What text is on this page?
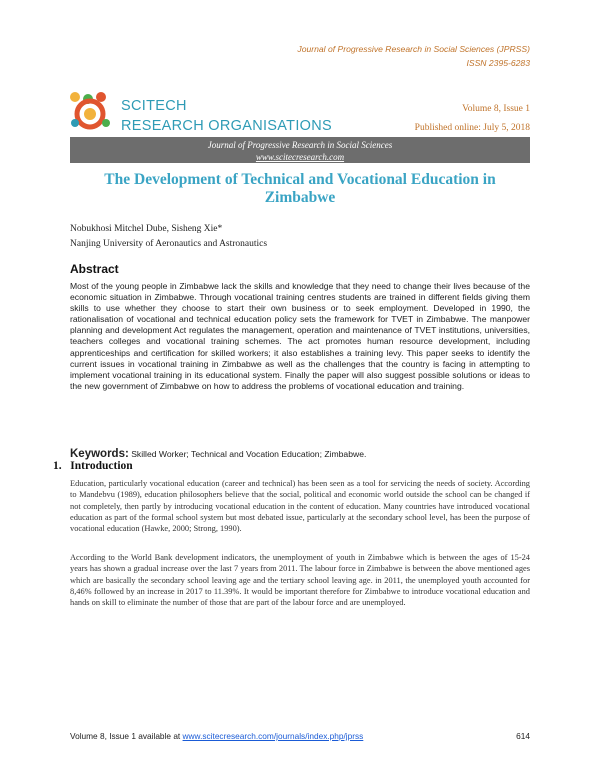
Journal of Progressive Research in Social Sciences (JPRSS)
ISSN 2395-6283
SCITECH
RESEARCH ORGANISATIONS
Volume 8, Issue 1
Published online: July 5, 2018
Journal of Progressive Research in Social Sciences
www.scitecresearch.com
The Development of Technical and Vocational Education in Zimbabwe
Nobukhosi Mitchel Dube, Sisheng Xie*
Nanjing University of Aeronautics and Astronautics
Abstract
Most of the young people in Zimbabwe lack the skills and knowledge that they need to change their lives because of the economic situation in Zimbabwe. Through vocational training centres students are trained in different fields giving them skills to use whether they choose to start their own business or to seek employment. Developed in 1990, the rationalisation of vocational and technical education policy sets the framework for TVET in Zimbabwe. The manpower planning and development Act regulates the management, operation and maintenance of TVET institutions, universities, teachers colleges and vocational training schemes. The act promotes human resource development, including apprenticeships and certification for skilled workers; it also establishes a training levy. This paper seeks to identify the current issues in vocational training in Zimbabwe as well as the challenges that the country is facing in attempting to implement vocational training in its educational system. Finally the paper will also suggest possible solutions or ideas to the new government of Zimbabwe on how to address the problems of vocational education and training.
Keywords: Skilled Worker; Technical and Vocation Education; Zimbabwe.
1.   Introduction
Education, particularly vocational education (career and technical) has been seen as a tool for servicing the needs of society. According to Mandebvu (1989), education philosophers believe that the social, political and economic world outside the school can be changed if not completely, then partly by introducing vocational education in the content of education. Many countries have introduced vocational education as part of the formal school system but most debated issue, particularly at the secondary school level, has been the purpose of vocational education (Hawke, 2000; Strong, 1990).
According to the World Bank development indicators, the unemployment of youth in Zimbabwe which is between the ages of 15-24 years has shown a gradual increase over the last 7 years from 2011. The labour force in Zimbabwe is between the above mentioned ages which are basically the secondary school leaving age and the tertiary school leaving age. in 2011, the unemployed youth accounted for 8,46% followed by an increase in 2017 to 11.39%. It would be important therefore for Zimbabwe to introduce vocational education and hands on skill to eliminate the number of those that are part of the labour force and are unemployed.
Volume 8, Issue 1 available at www.scitecresearch.com/journals/index.php/jprss	614
